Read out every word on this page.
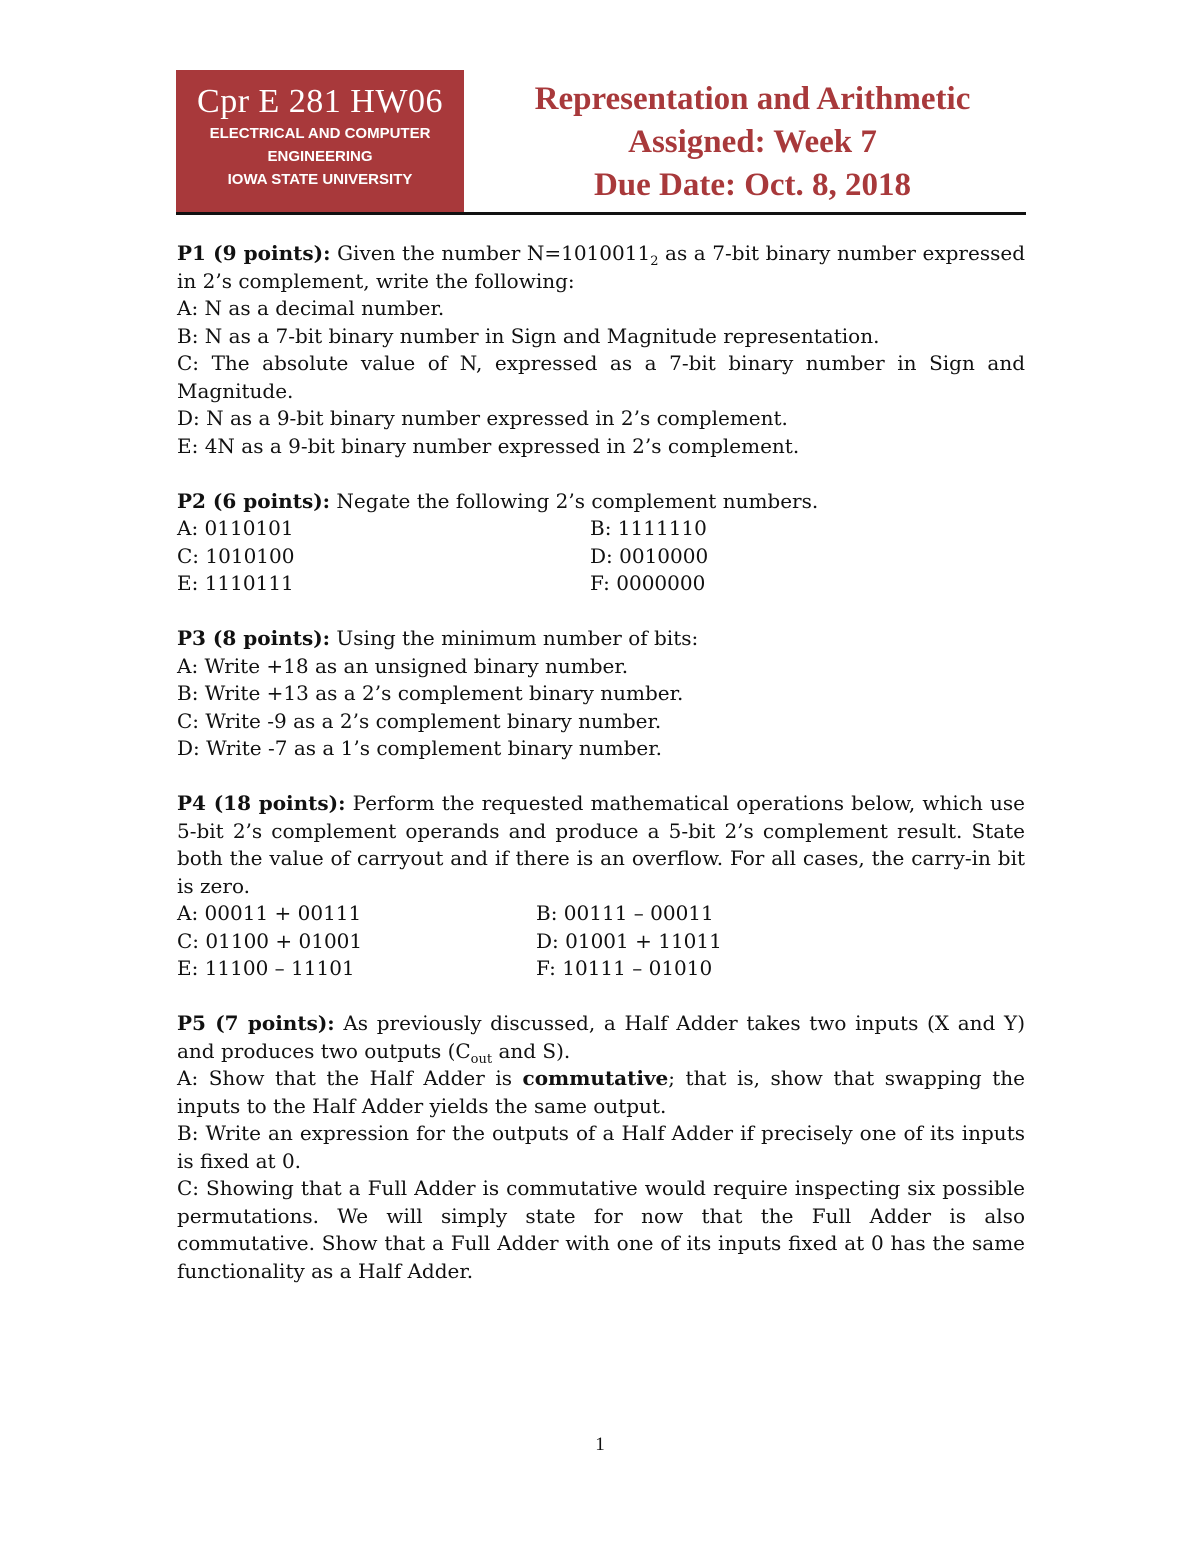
Cpr E 281 HW06
ELECTRICAL AND COMPUTER
ENGINEERING
IOWA STATE UNIVERSITY
Representation and Arithmetic
Assigned: Week 7
Due Date: Oct. 8, 2018

P1 (9 points): Given the number $N=1010011_2$ as a 7-bit binary number expressed in 2’s complement, write the following:

A: N as a decimal number.

B: N as a 7-bit binary number in Sign and Magnitude representation.

C: The absolute value of N, expressed as a 7-bit binary number in Sign and Magnitude.

D: N as a 9-bit binary number expressed in 2’s complement.

E: 4N as a 9-bit binary number expressed in 2’s complement.

P2 (6 points): Negate the following 2’s complement numbers.

A: 0110101	B: 1111110
C: 1010100	D: 0010000
E: 1110111	F: 0000000

P3 (8 points): Using the minimum number of bits:

A: Write +18 as an unsigned binary number.

B: Write +13 as a 2’s complement binary number.

C: Write -9 as a 2’s complement binary number.

D: Write -7 as a 1’s complement binary number.

P4 (18 points): Perform the requested mathematical operations below, which use 5-bit 2’s complement operands and produce a 5-bit 2’s complement result. State both the value of carryout and if there is an overflow. For all cases, the carry-in bit is zero.

A: 00011 + 00111	B: 00111 – 00011
C: 01100 + 01001	D: 01001 + 11011
E: 11100 – 11101	F: 10111 – 01010

P5 (7 points): As previously discussed, a Half Adder takes two inputs (X and Y) and produces two outputs ($C_{out}$ and S).

A: Show that the Half Adder is commutative; that is, show that swapping the inputs to the Half Adder yields the same output.

B: Write an expression for the outputs of a Half Adder if precisely one of its inputs is fixed at 0.

C: Showing that a Full Adder is commutative would require inspecting six possible permutations. We will simply state for now that the Full Adder is also commutative. Show that a Full Adder with one of its inputs fixed at 0 has the same functionality as a Half Adder.

1
